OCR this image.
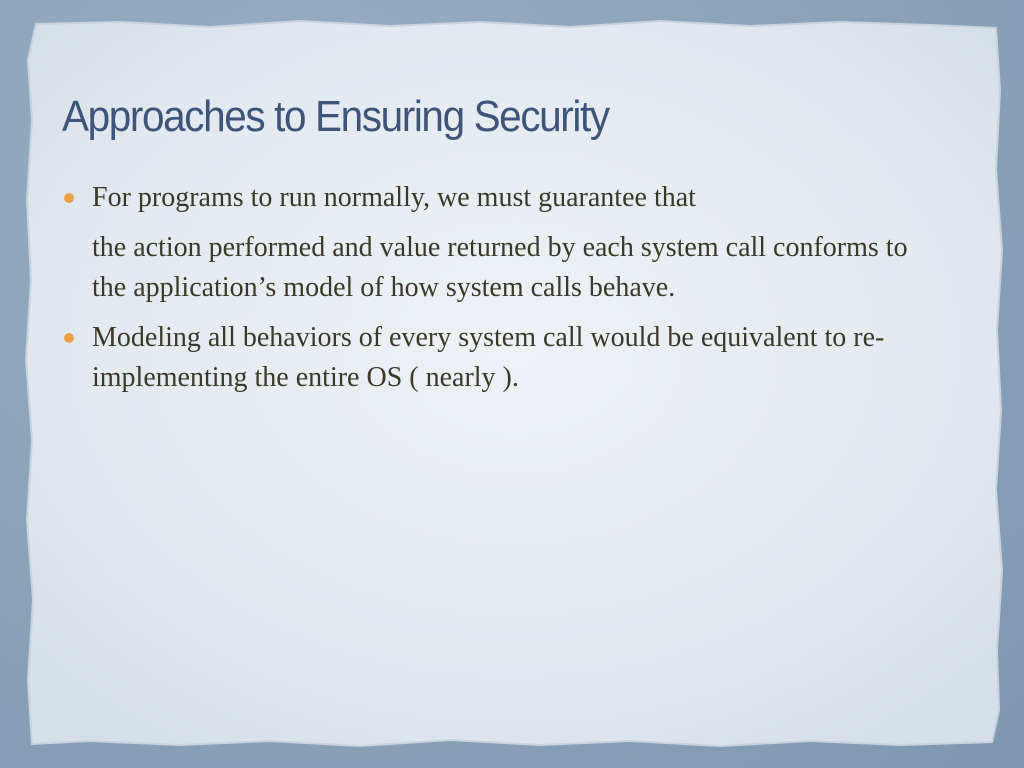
Approaches to Ensuring Security
For programs to run normally, we must guarantee that
the action performed and value returned by each system call conforms to the application’s model of how system calls behave.
Modeling all behaviors of every system call would be equivalent to re-implementing the entire OS ( nearly ).
